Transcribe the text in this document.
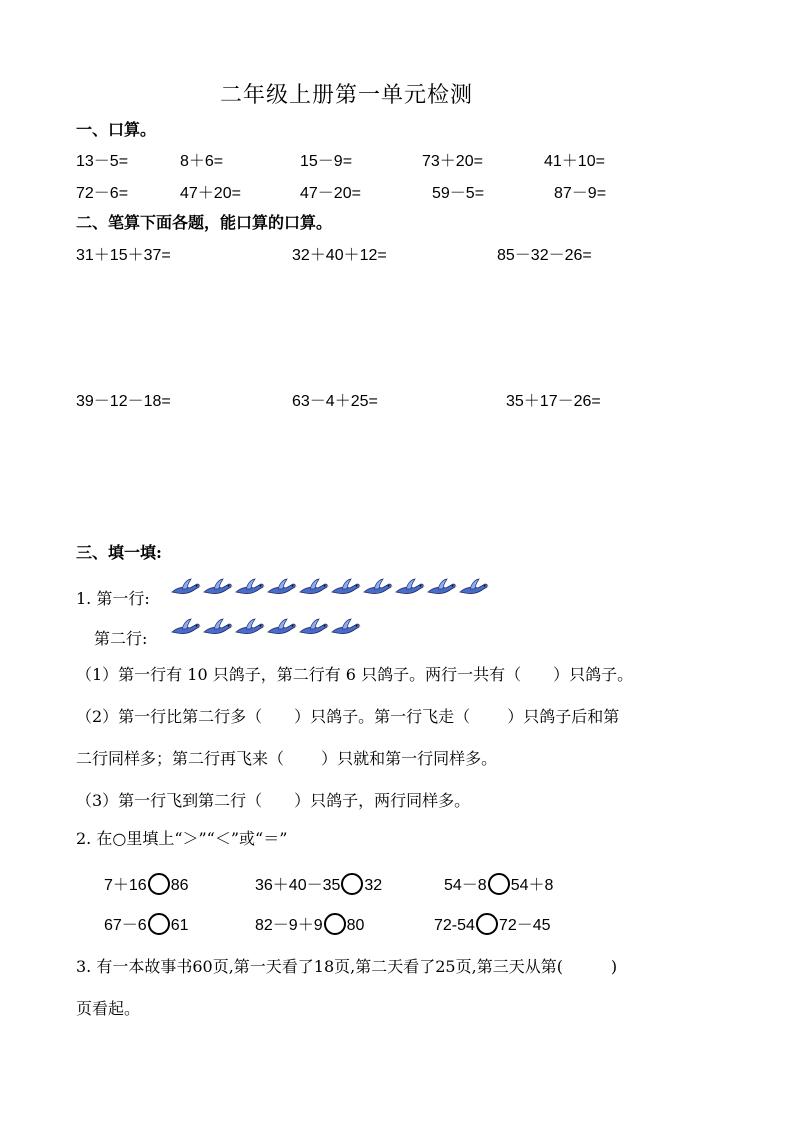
二年级上册第一单元检测
一、口算。
13－5=	8＋6=	15－9=	73＋20=	41＋10=
72－6=	47＋20=	47－20=	59－5=	87－9=
二、笔算下面各题，能口算的口算。
31＋15＋37=	32＋40＋12=	85－32－26=
39－12－18=	63－4＋25=	35＋17－26=
三、填一填:
1. 第一行:
第二行:
（1）第一行有 10 只鸽子，第二行有 6 只鸽子。两行一共有（　　）只鸽子。
（2）第一行比第二行多（　　）只鸽子。第一行飞走（　　 ）只鸽子后和第
二行同样多；第二行再飞来（　　 ）只就和第一行同样多。
（3）第一行飞到第二行（　　）只鸽子，两行同样多。
2. 在○里填上“＞”“＜”或“＝”
7＋16 86	36＋40－35 32	54－8 54＋8
67－6 61	82－9＋9 80	72-54 72－45
3. 有一本故事书60页,第一天看了18页,第二天看了25页,第三天从第(　　　)
页看起。
